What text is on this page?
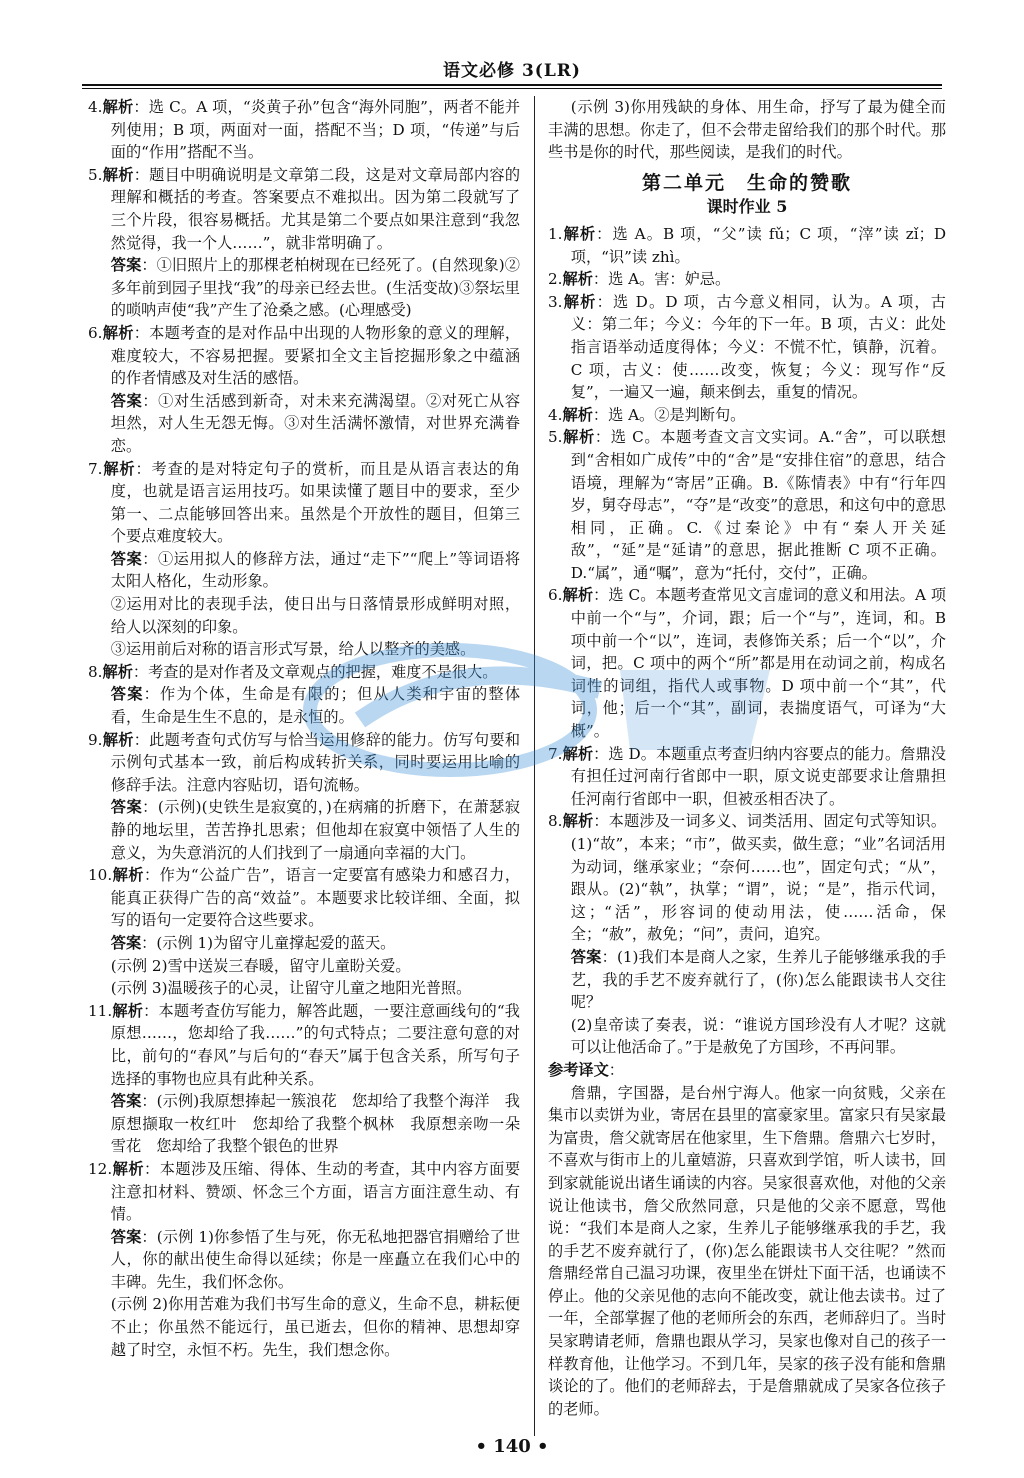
语文必修 3(LR)

4.解析：选 C。A 项，“炎黄子孙”包含“海外同胞”，两者不能并列使用；B 项，两面对一面，搭配不当；D 项，“传递”与后面的“作用”搭配不当。

5.解析：题目中明确说明是文章第二段，这是对文章局部内容的理解和概括的考查。答案要点不难拟出。因为第二段就写了三个片段，很容易概括。尤其是第二个要点如果注意到“我忽然觉得，我一个人……”，就非常明确了。

答案：①旧照片上的那棵老柏树现在已经死了。(自然现象)②多年前到园子里找“我”的母亲已经去世。(生活变故)③祭坛里的唢呐声使“我”产生了沧桑之感。(心理感受)

6.解析：本题考查的是对作品中出现的人物形象的意义的理解，难度较大，不容易把握。要紧扣全文主旨挖掘形象之中蕴涵的作者情感及对生活的感悟。

答案：①对生活感到新奇，对未来充满渴望。②对死亡从容坦然，对人生无怨无悔。③对生活满怀激情，对世界充满眷恋。

7.解析：考查的是对特定句子的赏析，而且是从语言表达的角度，也就是语言运用技巧。如果读懂了题目中的要求，至少第一、二点能够回答出来。虽然是个开放性的题目，但第三个要点难度较大。

答案：①运用拟人的修辞方法，通过“走下”“爬上”等词语将太阳人格化，生动形象。

②运用对比的表现手法，使日出与日落情景形成鲜明对照，给人以深刻的印象。

③运用前后对称的语言形式写景，给人以整齐的美感。

8.解析：考查的是对作者及文章观点的把握，难度不是很大。

答案：作为个体，生命是有限的；但从人类和宇宙的整体看，生命是生生不息的，是永恒的。

9.解析：此题考查句式仿写与恰当运用修辞的能力。仿写句要和示例句式基本一致，前后构成转折关系，同时要运用比喻的修辞手法。注意内容贴切，语句流畅。

答案：(示例)(史铁生是寂寞的，)在病痛的折磨下，在萧瑟寂静的地坛里，苦苦挣扎思索；但他却在寂寞中领悟了人生的意义，为失意消沉的人们找到了一扇通向幸福的大门。

10.解析：作为“公益广告”，语言一定要富有感染力和感召力，能真正获得广告的高“效益”。本题要求比较详细、全面，拟写的语句一定要符合这些要求。

答案：(示例 1)为留守儿童撑起爱的蓝天。

(示例 2)雪中送炭三春暖，留守儿童盼关爱。

(示例 3)温暖孩子的心灵，让留守儿童之地阳光普照。

11.解析：本题考查仿写能力，解答此题，一要注意画线句的“我原想……，您却给了我……”的句式特点；二要注意句意的对比，前句的“春风”与后句的“春天”属于包含关系，所写句子选择的事物也应具有此种关系。

答案：(示例)我原想捧起一簇浪花　您却给了我整个海洋　我原想撷取一枚红叶　您却给了我整个枫林　我原想亲吻一朵雪花　您却给了我整个银色的世界

12.解析：本题涉及压缩、得体、生动的考查，其中内容方面要注意扣材料、赞颂、怀念三个方面，语言方面注意生动、有情。

答案：(示例 1)你参悟了生与死，你无私地把器官捐赠给了世人，你的献出使生命得以延续；你是一座矗立在我们心中的丰碑。先生，我们怀念你。

(示例 2)你用苦难为我们书写生命的意义，生命不息，耕耘便不止；你虽然不能远行，虽已逝去，但你的精神、思想却穿越了时空，永恒不朽。先生，我们想念你。

(示例 3)你用残缺的身体、用生命，抒写了最为健全而丰满的思想。你走了，但不会带走留给我们的那个时代。那些书是你的时代，那些阅读，是我们的时代。

第二单元　生命的赞歌

课时作业 5

1.解析：选 A。B 项，“父”读 fǔ；C 项，“滓”读 zǐ；D 项，“识”读 zhì。

2.解析：选 A。害：妒忌。

3.解析：选 D。D 项，古今意义相同，认为。A 项，古义：第二年；今义：今年的下一年。B 项，古义：此处指言语举动适度得体；今义：不慌不忙，镇静，沉着。C 项，古义：使……改变，恢复；今义：现写作“反复”，一遍又一遍，颠来倒去，重复的情况。

4.解析：选 A。②是判断句。

5.解析：选 C。本题考查文言文实词。A.“舍”，可以联想到“舍相如广成传”中的“舍”是“安排住宿”的意思，结合语境，理解为“寄居”正确。B.《陈情表》中有“行年四岁，舅夺母志”，“夺”是“改变”的意思，和这句中的意思相同，正确。C.《过秦论》中有“秦人开关延敌”，“延”是“延请”的意思，据此推断 C 项不正确。D.“属”，通“嘱”，意为“托付，交付”，正确。

6.解析：选 C。本题考查常见文言虚词的意义和用法。A 项中前一个“与”，介词，跟；后一个“与”，连词，和。B 项中前一个“以”，连词，表修饰关系；后一个“以”，介词，把。C 项中的两个“所”都是用在动词之前，构成名词性的词组，指代人或事物。D 项中前一个“其”，代词，他；后一个“其”，副词，表揣度语气，可译为“大概”。

7.解析：选 D。本题重点考查归纳内容要点的能力。詹鼎没有担任过河南行省郎中一职，原文说吏部要求让詹鼎担任河南行省郎中一职，但被丞相否决了。

8.解析：本题涉及一词多义、词类活用、固定句式等知识。(1)“故”，本来；“市”，做买卖，做生意；“业”名词活用为动词，继承家业；“奈何……也”，固定句式；“从”，跟从。(2)“執”，执掌；“谓”，说；“是”，指示代词，这；“活”，形容词的使动用法，使……活命，保全；“赦”，赦免；“问”，责问，追究。

答案：(1)我们本是商人之家，生养儿子能够继承我的手艺，我的手艺不废弃就行了，(你)怎么能跟读书人交往呢？

(2)皇帝读了奏表，说：“谁说方国珍没有人才呢？这就可以让他活命了。”于是赦免了方国珍，不再问罪。

参考译文：

詹鼎，字国器，是台州宁海人。他家一向贫贱，父亲在集市以卖饼为业，寄居在县里的富豪家里。富家只有吴家最为富贵，詹父就寄居在他家里，生下詹鼎。詹鼎六七岁时，不喜欢与街市上的儿童嬉游，只喜欢到学馆，听人读书，回到家就能说出诸生诵读的内容。吴家很喜欢他，对他的父亲说让他读书，詹父欣然同意，只是他的父亲不愿意，骂他说：“我们本是商人之家，生养儿子能够继承我的手艺，我的手艺不废弃就行了，(你)怎么能跟读书人交往呢？”然而詹鼎经常自己温习功课，夜里坐在饼灶下面干活，也诵读不停止。他的父亲见他的志向不能改变，就让他去读书。过了一年，全部掌握了他的老师所会的东西，老师辞归了。当时吴家聘请老师，詹鼎也跟从学习，吴家也像对自己的孩子一样教育他，让他学习。不到几年，吴家的孩子没有能和詹鼎谈论的了。他们的老师辞去，于是詹鼎就成了吴家各位孩子的老师。

• 140 •
